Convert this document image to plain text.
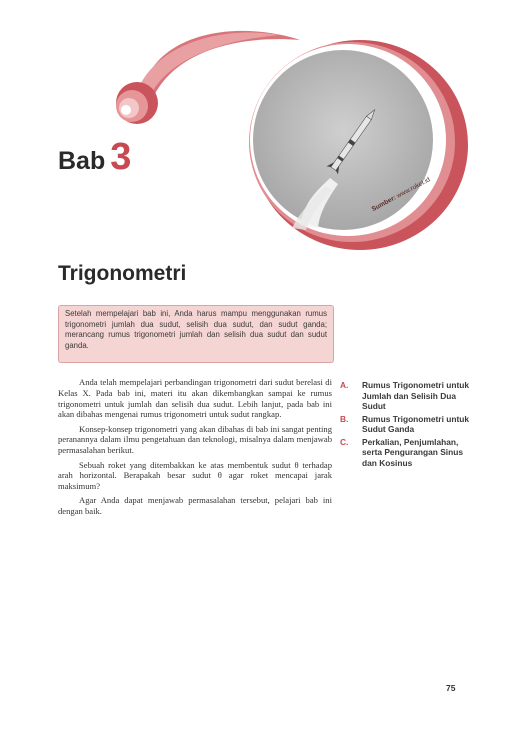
Sumber: www.roket.id
Bab 3
Trigonometri
Setelah mempelajari bab ini, Anda harus mampu menggunakan rumus trigonometri jumlah dua sudut, selisih dua sudut, dan sudut ganda; merancang rumus trigonometri jumlah dan selisih dua sudut dan sudut ganda.

Anda telah mempelajari perbandingan trigonometri dari sudut berelasi di Kelas X. Pada bab ini, materi itu akan dikembangkan sampai ke rumus trigonometri untuk jumlah dan selisih dua sudut. Lebih lanjut, pada bab ini akan dibahas mengenai rumus trigonometri untuk sudut rangkap.

Konsep-konsep trigonometri yang akan dibahas di bab ini sangat penting peranannya dalam ilmu pengetahuan dan teknologi, misalnya dalam menjawab permasalahan berikut.

Sebuah roket yang ditembakkan ke atas membentuk sudut θ terhadap arah horizontal. Berapakah besar sudut θ agar roket mencapai jarak maksimum?

Agar Anda dapat menjawab permasalahan tersebut, pelajari bab ini dengan baik.

A.	Rumus Trigonometri untuk Jumlah dan Selisih Dua Sudut
B.	Rumus Trigonometri untuk Sudut Ganda
C.	Perkalian, Penjumlahan, serta Pengurangan Sinus dan Kosinus
75
